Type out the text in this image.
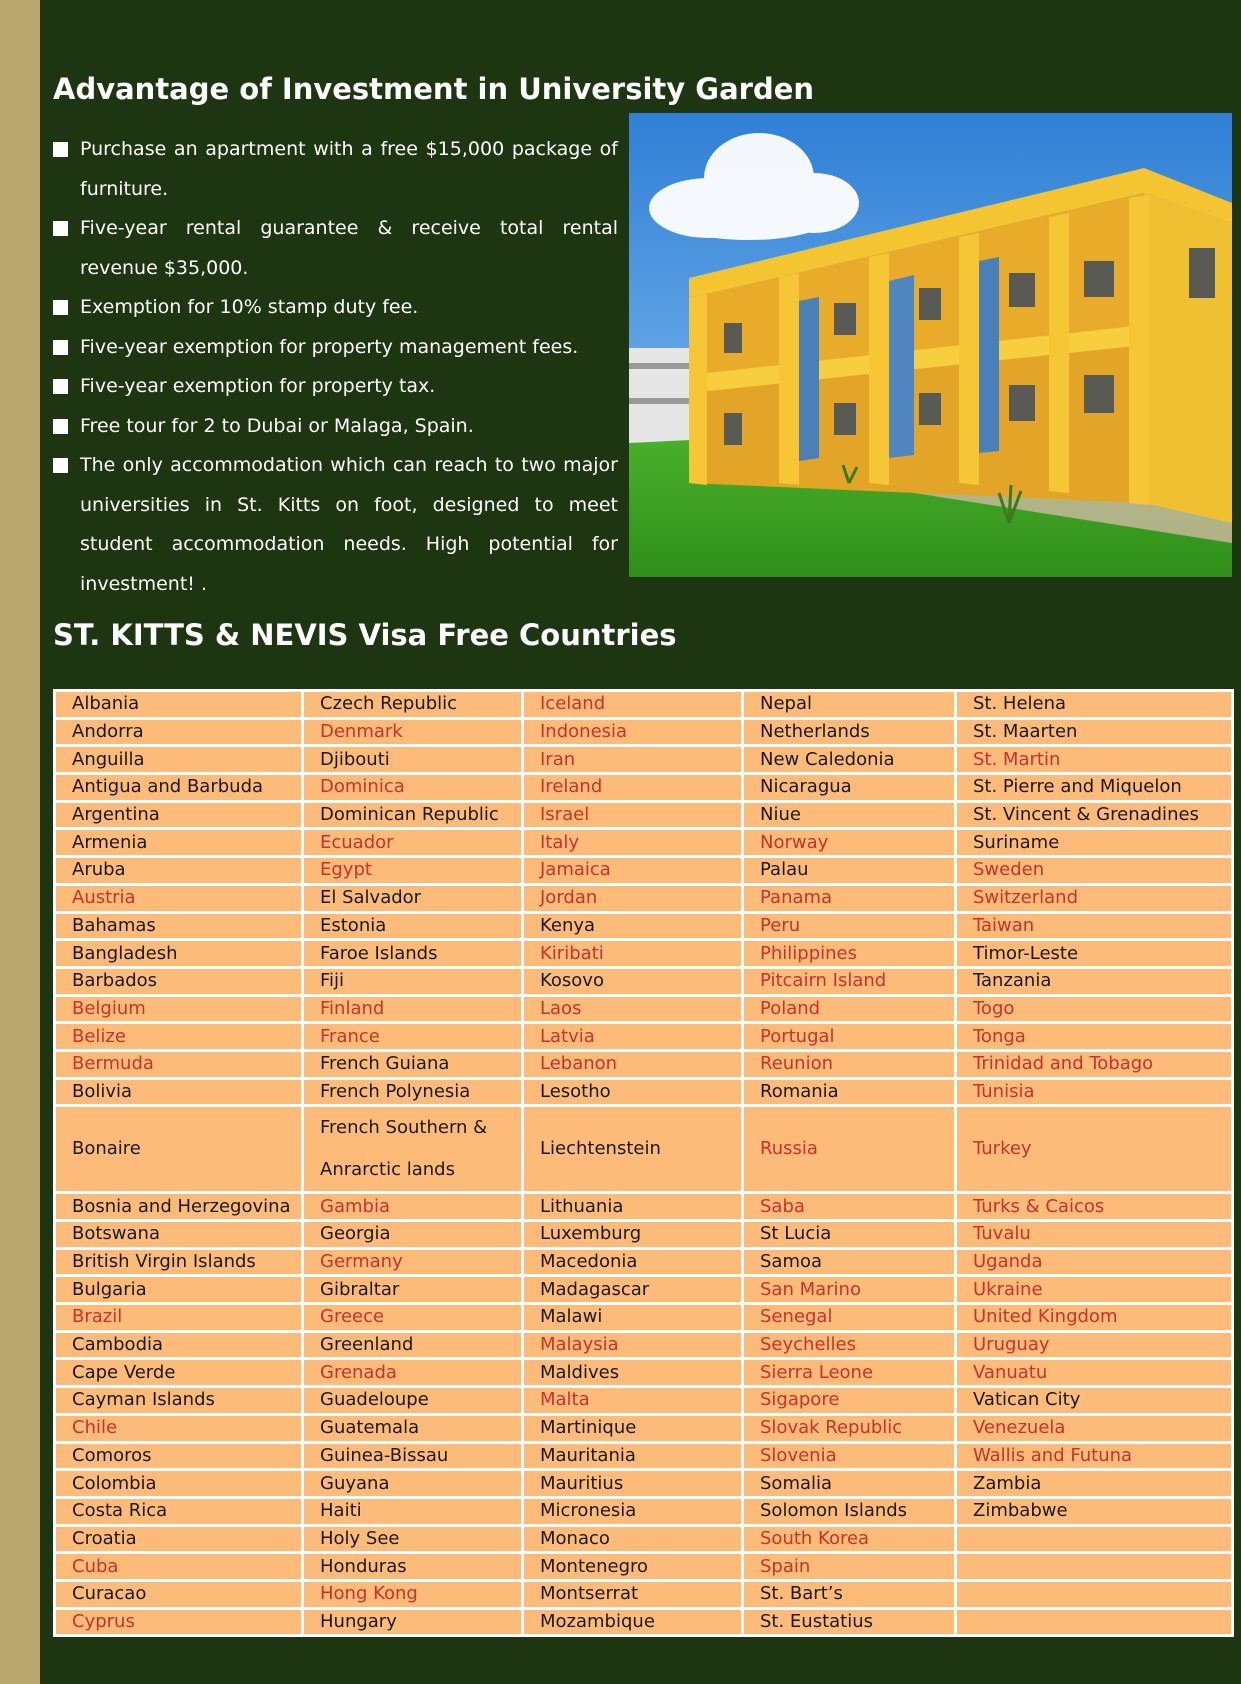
Advantage of Investment in University Garden
Purchase an apartment with a free $15,000 package of furniture.
Five-year rental guarantee & receive total rental revenue $35,000.
Exemption for 10% stamp duty fee.
Five-year exemption for property management fees.
Five-year exemption for property tax.
Free tour for 2 to Dubai or Malaga, Spain.
The only accommodation which can reach to two major universities in St. Kitts on foot, designed to meet student accommodation needs. High potential for investment! .
ST. KITTS & NEVIS Visa Free Countries
Albania	Czech Republic	Iceland	Nepal	St. Helena
Andorra	Denmark	Indonesia	Netherlands	St. Maarten
Anguilla	Djibouti	Iran	New Caledonia	St. Martin
Antigua and Barbuda	Dominica	Ireland	Nicaragua	St. Pierre and Miquelon
Argentina	Dominican Republic	Israel	Niue	St. Vincent & Grenadines
Armenia	Ecuador	Italy	Norway	Suriname
Aruba	Egypt	Jamaica	Palau	Sweden
Austria	El Salvador	Jordan	Panama	Switzerland
Bahamas	Estonia	Kenya	Peru	Taiwan
Bangladesh	Faroe Islands	Kiribati	Philippines	Timor-Leste
Barbados	Fiji	Kosovo	Pitcairn Island	Tanzania
Belgium	Finland	Laos	Poland	Togo
Belize	France	Latvia	Portugal	Tonga
Bermuda	French Guiana	Lebanon	Reunion	Trinidad and Tobago
Bolivia	French Polynesia	Lesotho	Romania	Tunisia
Bonaire	French Southern & Anrarctic lands	Liechtenstein	Russia	Turkey
Bosnia and Herzegovina	Gambia	Lithuania	Saba	Turks & Caicos
Botswana	Georgia	Luxemburg	St Lucia	Tuvalu
British Virgin Islands	Germany	Macedonia	Samoa	Uganda
Bulgaria	Gibraltar	Madagascar	San Marino	Ukraine
Brazil	Greece	Malawi	Senegal	United Kingdom
Cambodia	Greenland	Malaysia	Seychelles	Uruguay
Cape Verde	Grenada	Maldives	Sierra Leone	Vanuatu
Cayman Islands	Guadeloupe	Malta	Sigapore	Vatican City
Chile	Guatemala	Martinique	Slovak Republic	Venezuela
Comoros	Guinea-Bissau	Mauritania	Slovenia	Wallis and Futuna
Colombia	Guyana	Mauritius	Somalia	Zambia
Costa Rica	Haiti	Micronesia	Solomon Islands	Zimbabwe
Croatia	Holy See	Monaco	South Korea	
Cuba	Honduras	Montenegro	Spain	
Curacao	Hong Kong	Montserrat	St. Bart’s	
Cyprus	Hungary	Mozambique	St. Eustatius	
